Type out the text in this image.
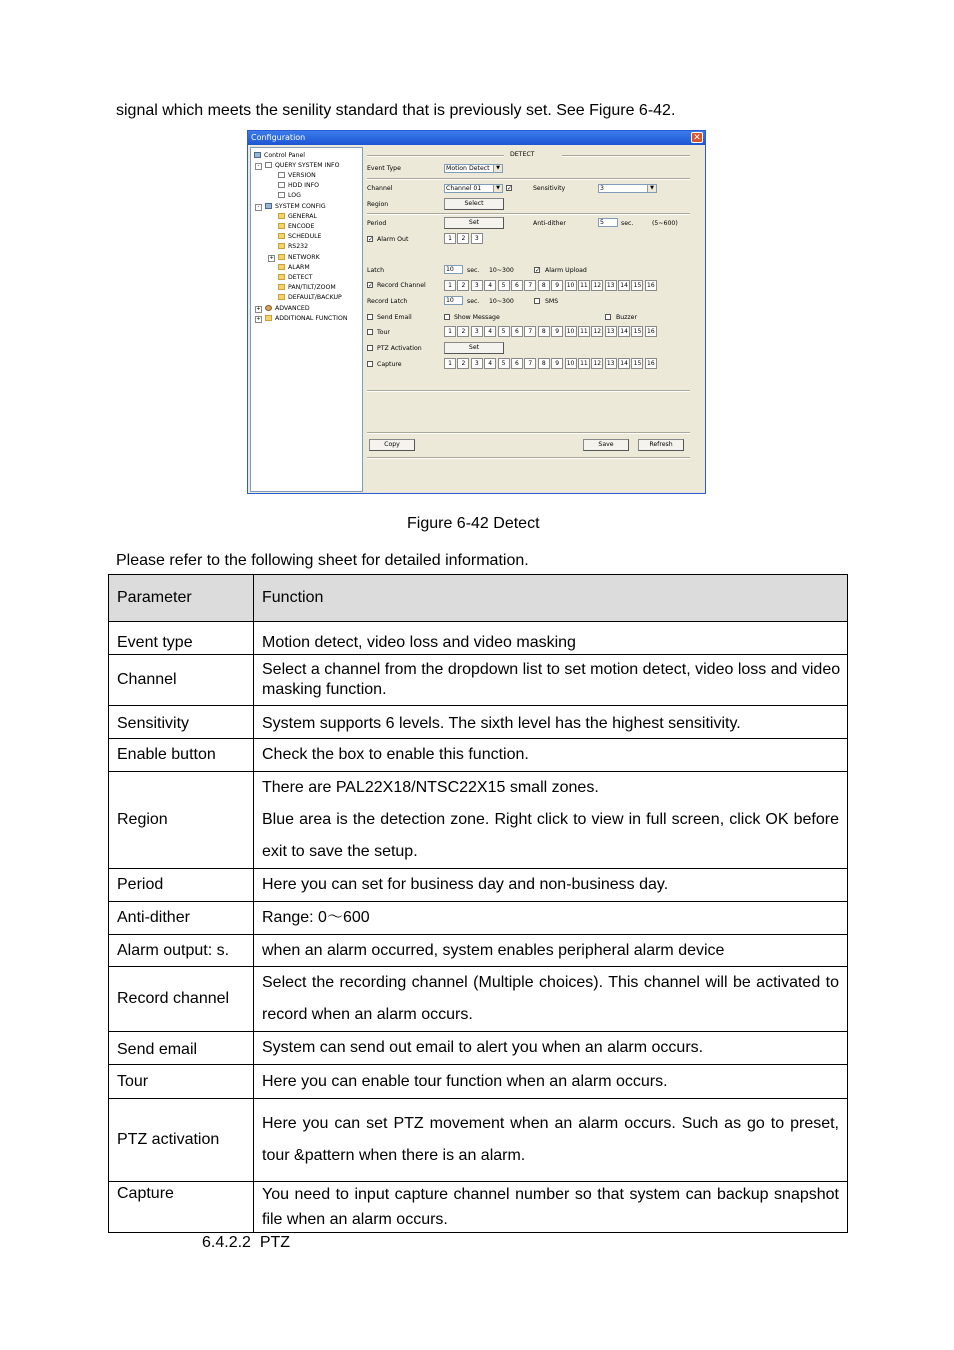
signal which meets the senility standard that is previously set. See Figure 6-42.
Configuration	✕
Control Panel
-	QUERY SYSTEM INFO
VERSION
HDD INFO
LOG
-	SYSTEM CONFIG
GENERAL
ENCODE
SCHEDULE
RS232
+	NETWORK
ALARM
DETECT
PAN/TILT/ZOOM
DEFAULT/BACKUP
+	ADVANCED
+	ADDITIONAL FUNCTION
DETECT
Event Type	Motion Detect	▼
Channel	Channel 01	▼	✓	Sensitivity	3	▼
Region	Select
Period	Set	Anti-dither	5	sec.	(5~600)
✓ Alarm Out	1 2 3
Latch	10	sec. 10~300	✓ Alarm Upload
✓ Record Channel	1 2 3 4 5 6 7 8 9 10 11 12 13 14 15 16
Record Latch	10	sec. 10~300	SMS
Send Email	Show Message	Buzzer
Tour	1 2 3 4 5 6 7 8 9 10 11 12 13 14 15 16
PTZ Activation	Set
Capture	1 2 3 4 5 6 7 8 9 10 11 12 13 14 15 16
Copy	Save	Refresh
Figure 6-42 Detect
Please refer to the following sheet for detailed information.
Parameter	Function
Event type	Motion detect, video loss and video masking
Channel	Select a channel from the dropdown list to set motion detect, video loss and video
masking function.

Sensitivity	System supports 6 levels. The sixth level has the highest sensitivity.
Enable button	Check the box to enable this function.
Region	There are PAL22X18/NTSC22X15 small zones.
Blue area is the detection zone. Right click to view in full screen, click OK before exit to save the setup.

Period	Here you can set for business day and non-business day.
Anti-dither	Range: 0～600
Alarm output: s.	when an alarm occurred, system enables peripheral alarm device
Record channel	Select the recording channel (Multiple choices). This channel will be activated to record when an alarm occurs.
Send email	System can send out email to alert you when an alarm occurs.
Tour	Here you can enable tour function when an alarm occurs.
PTZ activation	Here you can set PTZ movement when an alarm occurs. Such as go to preset, tour &pattern when there is an alarm.
Capture	You need to input capture channel number so that system can backup snapshot file when an alarm occurs.
6.4.2.2  PTZ
